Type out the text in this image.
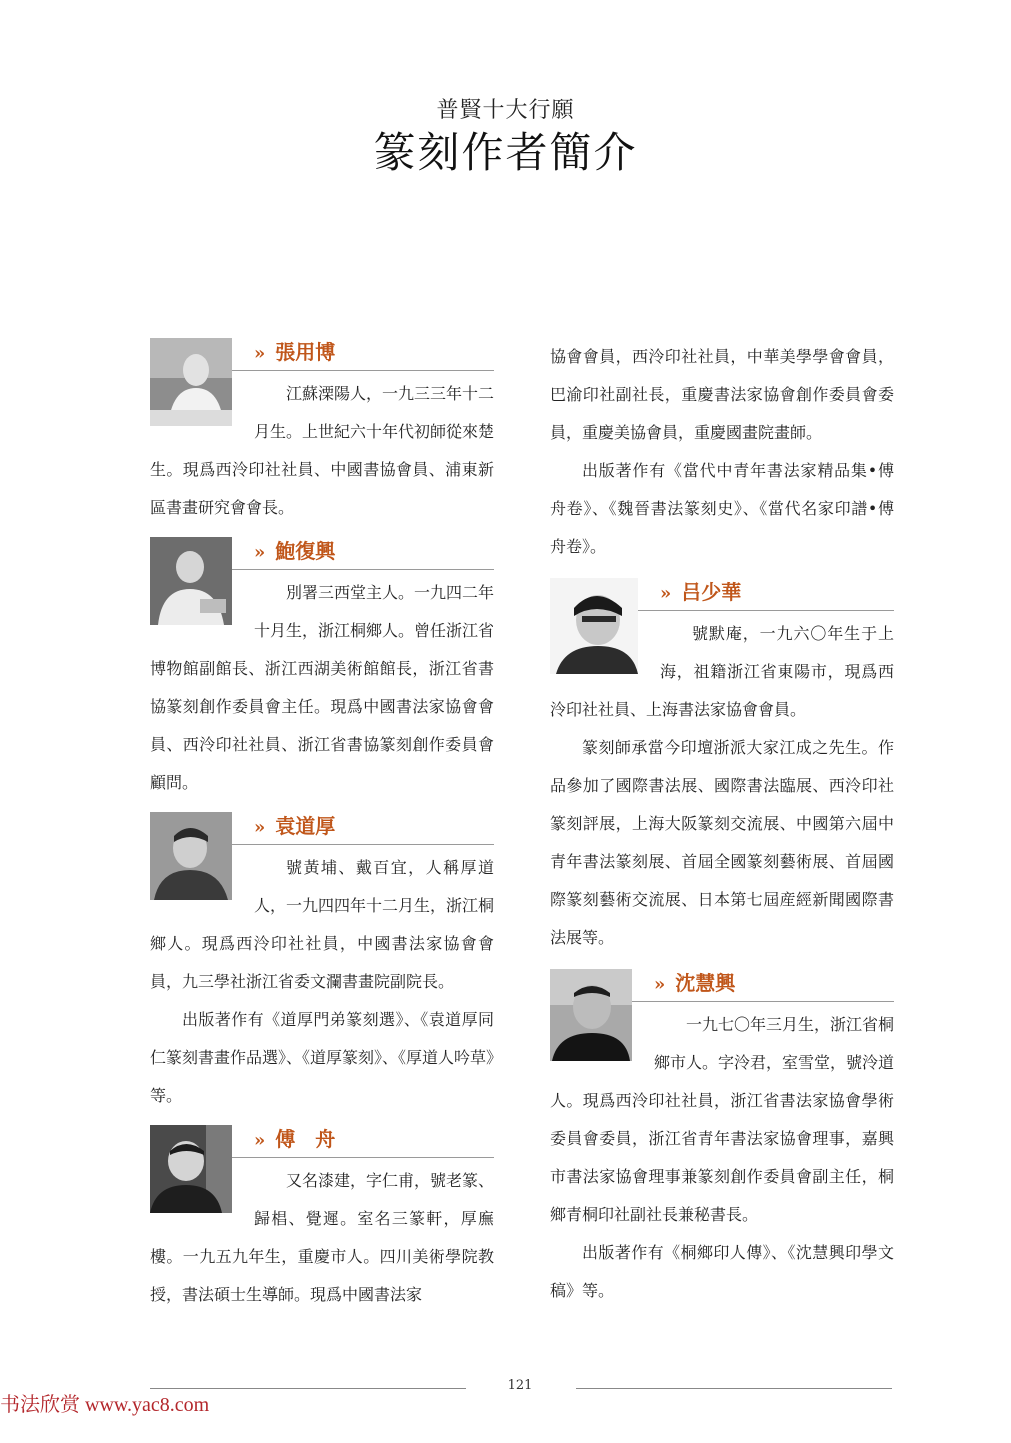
普賢十大行願
篆刻作者簡介
» 張用博

江蘇溧陽人，一九三三年十二月生。上世紀六十年代初師從來楚生。現爲西泠印社社員、中國書協會員、浦東新區書畫研究會會長。

» 鮑復興

別署三西堂主人。一九四二年十月生，浙江桐鄉人。曾任浙江省博物館副館長、浙江西湖美術館館長，浙江省書協篆刻創作委員會主任。現爲中國書法家協會會員、西泠印社社員、浙江省書協篆刻創作委員會顧問。

» 袁道厚

號黃埔、戴百宜，人稱厚道人，一九四四年十二月生，浙江桐鄉人。現爲西泠印社社員，中國書法家協會會員，九三學社浙江省委文瀾書畫院副院長。

出版著作有《道厚門弟篆刻選》、《袁道厚同仁篆刻書畫作品選》、《道厚篆刻》、《厚道人吟草》等。

» 傅　舟

又名漆建，字仁甫，號老篆、歸椙、覺遲。室名三篆軒，厚廡樓。一九五九年生，重慶市人。四川美術學院教授，書法碩士生導師。現爲中國書法家

協會會員，西泠印社社員，中華美學學會會員，巴渝印社副社長，重慶書法家協會創作委員會委員，重慶美協會員，重慶國畫院畫師。

出版著作有《當代中青年書法家精品集•傅舟卷》、《魏晉書法篆刻史》、《當代名家印譜•傅舟卷》。

» 吕少華

號默庵，一九六〇年生于上海，祖籍浙江省東陽市，現爲西泠印社社員、上海書法家協會會員。

篆刻師承當今印壇浙派大家江成之先生。作品參加了國際書法展、國際書法臨展、西泠印社篆刻評展，上海大阪篆刻交流展、中國第六屆中青年書法篆刻展、首屆全國篆刻藝術展、首屆國際篆刻藝術交流展、日本第七屆産經新聞國際書法展等。

» 沈慧興

一九七〇年三月生，浙江省桐鄉市人。字泠君，室雪堂，號泠道人。現爲西泠印社社員，浙江省書法家協會學術委員會委員，浙江省青年書法家協會理事，嘉興市書法家協會理事兼篆刻創作委員會副主任，桐鄉青桐印社副社長兼秘書長。

出版著作有《桐鄉印人傳》、《沈慧興印學文稿》等。

121
书法欣赏 www.yac8.com
